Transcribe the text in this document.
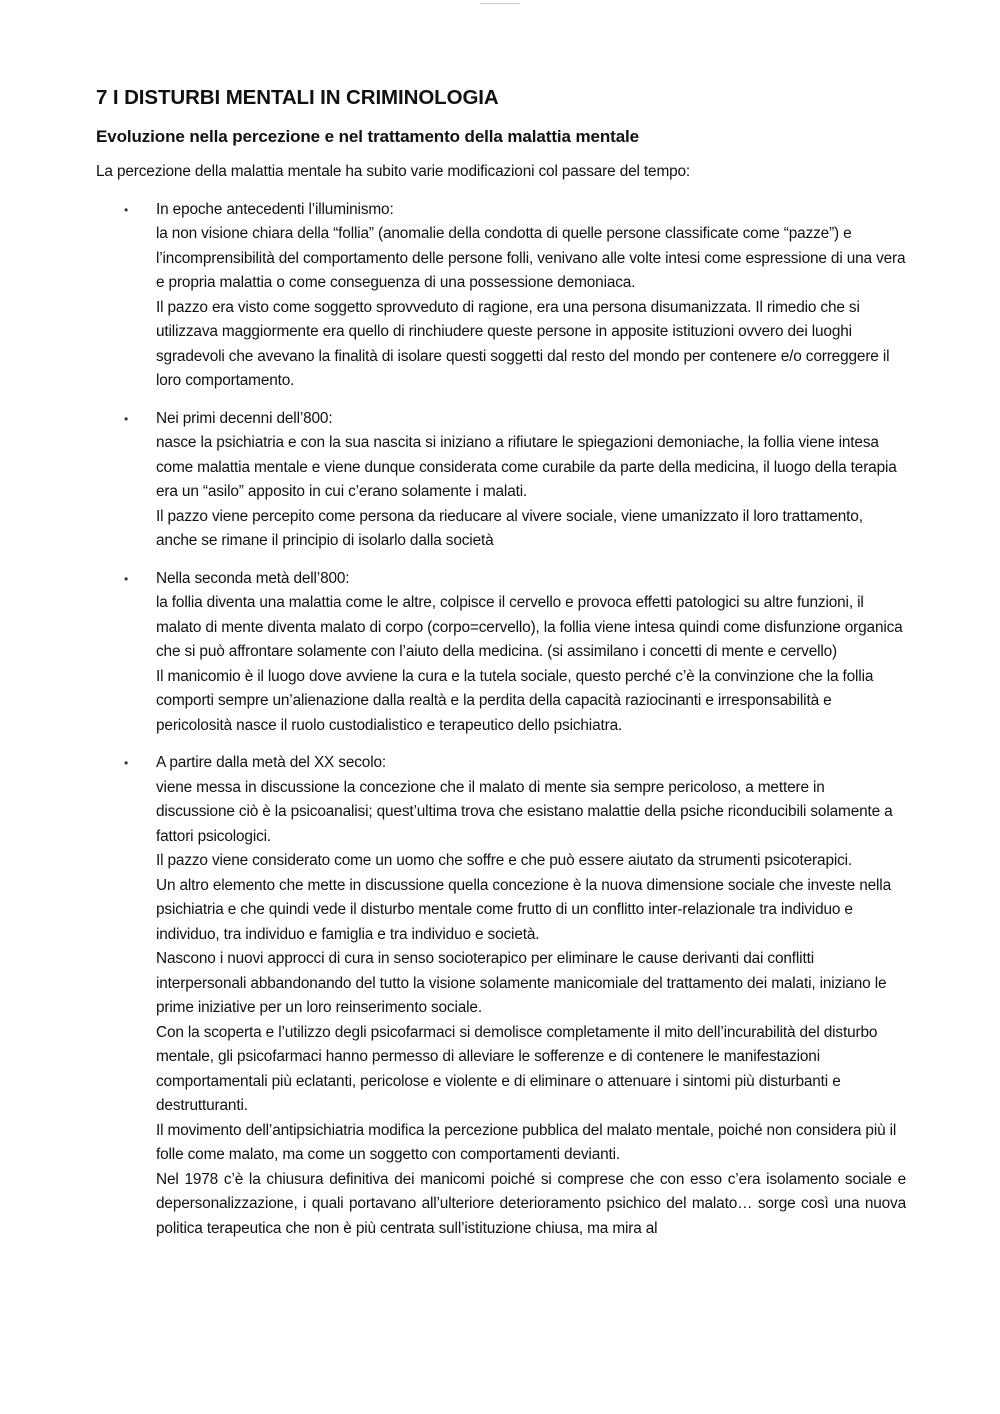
7 I DISTURBI MENTALI IN CRIMINOLOGIA
Evoluzione nella percezione e nel trattamento della malattia mentale

La percezione della malattia mentale ha subito varie modificazioni col passare del tempo:

• In epoche antecedenti l’illuminismo:
la non visione chiara della “follia” (anomalie della condotta di quelle persone classificate come “pazze”) e l’incomprensibilità del comportamento delle persone folli, venivano alle volte intesi come espressione di una vera e propria malattia o come conseguenza di una possessione demoniaca.
Il pazzo era visto come soggetto sprovveduto di ragione, era una persona disumanizzata. Il rimedio che si utilizzava maggiormente era quello di rinchiudere queste persone in apposite istituzioni ovvero dei luoghi sgradevoli che avevano la finalità di isolare questi soggetti dal resto del mondo per contenere e/o correggere il loro comportamento.
• Nei primi decenni dell’800:
nasce la psichiatria e con la sua nascita si iniziano a rifiutare le spiegazioni demoniache, la follia viene intesa come malattia mentale e viene dunque considerata come curabile da parte della medicina, il luogo della terapia era un “asilo” apposito in cui c’erano solamente i malati.
Il pazzo viene percepito come persona da rieducare al vivere sociale, viene umanizzato il loro trattamento, anche se rimane il principio di isolarlo dalla società
• Nella seconda metà dell’800:
la follia diventa una malattia come le altre, colpisce il cervello e provoca effetti patologici su altre funzioni, il malato di mente diventa malato di corpo (corpo=cervello), la follia viene intesa quindi come disfunzione organica che si può affrontare solamente con l’aiuto della medicina. (si assimilano i concetti di mente e cervello)
Il manicomio è il luogo dove avviene la cura e la tutela sociale, questo perché c’è la convinzione che la follia comporti sempre un’alienazione dalla realtà e la perdita della capacità raziocinanti e irresponsabilità e pericolosità nasce il ruolo custodialistico e terapeutico dello psichiatra.
• A partire dalla metà del XX secolo:
viene messa in discussione la concezione che il malato di mente sia sempre pericoloso, a mettere in discussione ciò è la psicoanalisi; quest’ultima trova che esistano malattie della psiche riconducibili solamente a fattori psicologici.
Il pazzo viene considerato come un uomo che soffre e che può essere aiutato da strumenti psicoterapici.
Un altro elemento che mette in discussione quella concezione è la nuova dimensione sociale che investe nella psichiatria e che quindi vede il disturbo mentale come frutto di un conflitto inter-relazionale tra individuo e individuo, tra individuo e famiglia e tra individuo e società.
Nascono i nuovi approcci di cura in senso socioterapico per eliminare le cause derivanti dai conflitti interpersonali abbandonando del tutto la visione solamente manicomiale del trattamento dei malati, iniziano le prime iniziative per un loro reinserimento sociale.
Con la scoperta e l’utilizzo degli psicofarmaci si demolisce completamente il mito dell’incurabilità del disturbo mentale, gli psicofarmaci hanno permesso di alleviare le sofferenze e di contenere le manifestazioni comportamentali più eclatanti, pericolose e violente e di eliminare o attenuare i sintomi più disturbanti e destrutturanti.
Il movimento dell’antipsichiatria modifica la percezione pubblica del malato mentale, poiché non considera più il folle come malato, ma come un soggetto con comportamenti devianti.
Nel 1978 c’è la chiusura definitiva dei manicomi poiché si comprese che con esso c’era isolamento sociale e depersonalizzazione, i quali portavano all’ulteriore deterioramento psichico del malato… sorge così una nuova politica terapeutica che non è più centrata sull’istituzione chiusa, ma mira al
